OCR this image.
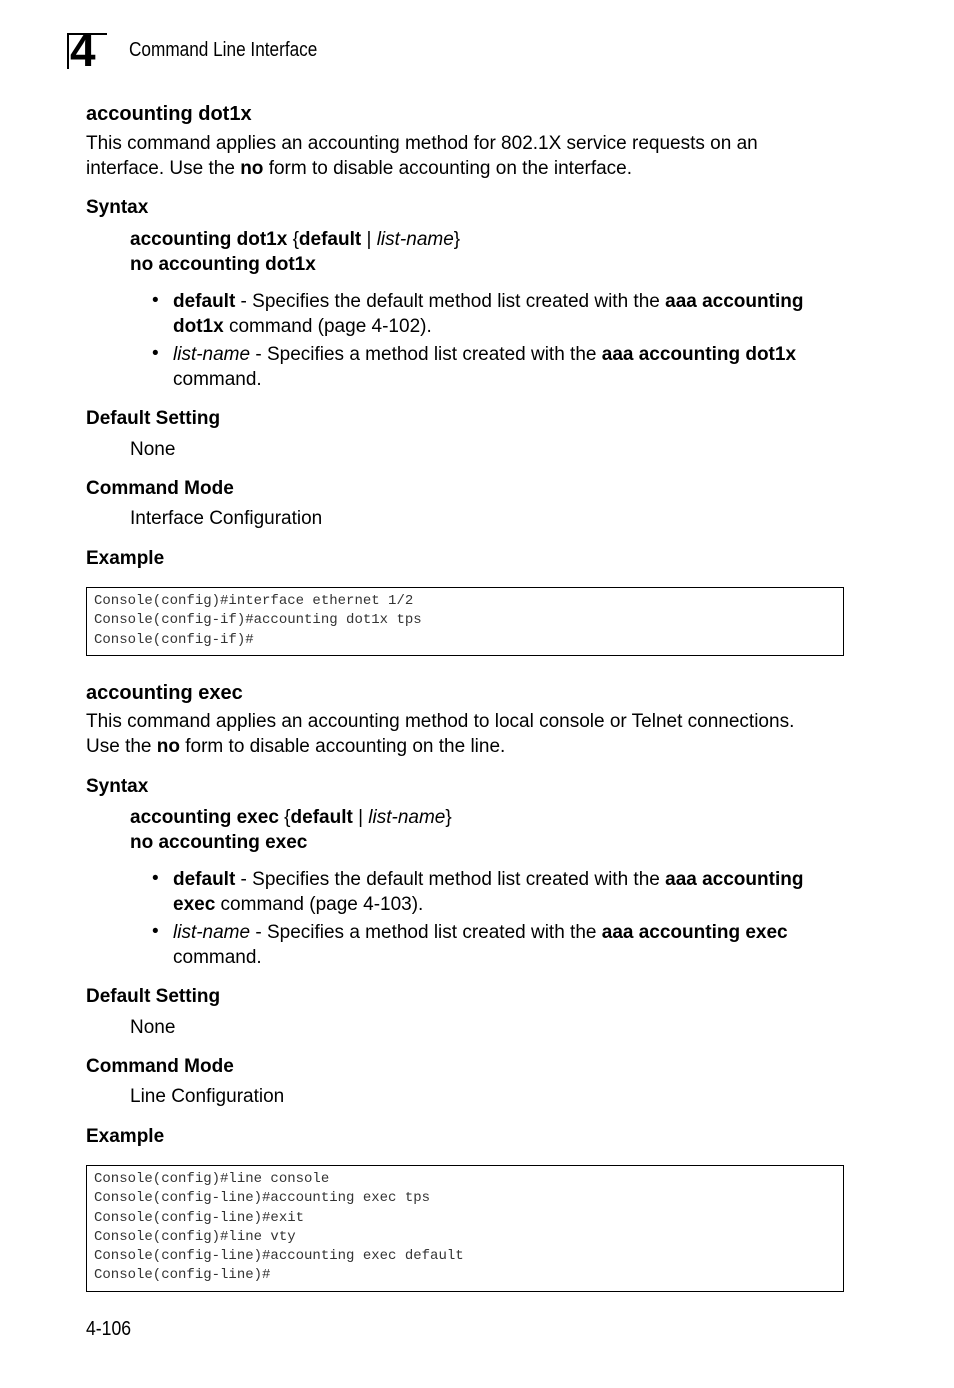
4 Command Line Interface
accounting dot1x
This command applies an accounting method for 802.1X service requests on an
interface. Use the no form to disable accounting on the interface.
Syntax
accounting dot1x {default | list-name}
no accounting dot1x
• default - Specifies the default method list created with the aaa accounting
dot1x command (page 4-102).
• list-name - Specifies a method list created with the aaa accounting dot1x
command.
Default Setting
None
Command Mode
Interface Configuration
Example
Console(config)#interface ethernet 1/2
Console(config-if)#accounting dot1x tps
Console(config-if)#
accounting exec
This command applies an accounting method to local console or Telnet connections.
Use the no form to disable accounting on the line.
Syntax
accounting exec {default | list-name}
no accounting exec
• default - Specifies the default method list created with the aaa accounting
exec command (page 4-103).
• list-name - Specifies a method list created with the aaa accounting exec
command.
Default Setting
None
Command Mode
Line Configuration
Example
Console(config)#line console
Console(config-line)#accounting exec tps
Console(config-line)#exit
Console(config)#line vty
Console(config-line)#accounting exec default
Console(config-line)#
4-106
